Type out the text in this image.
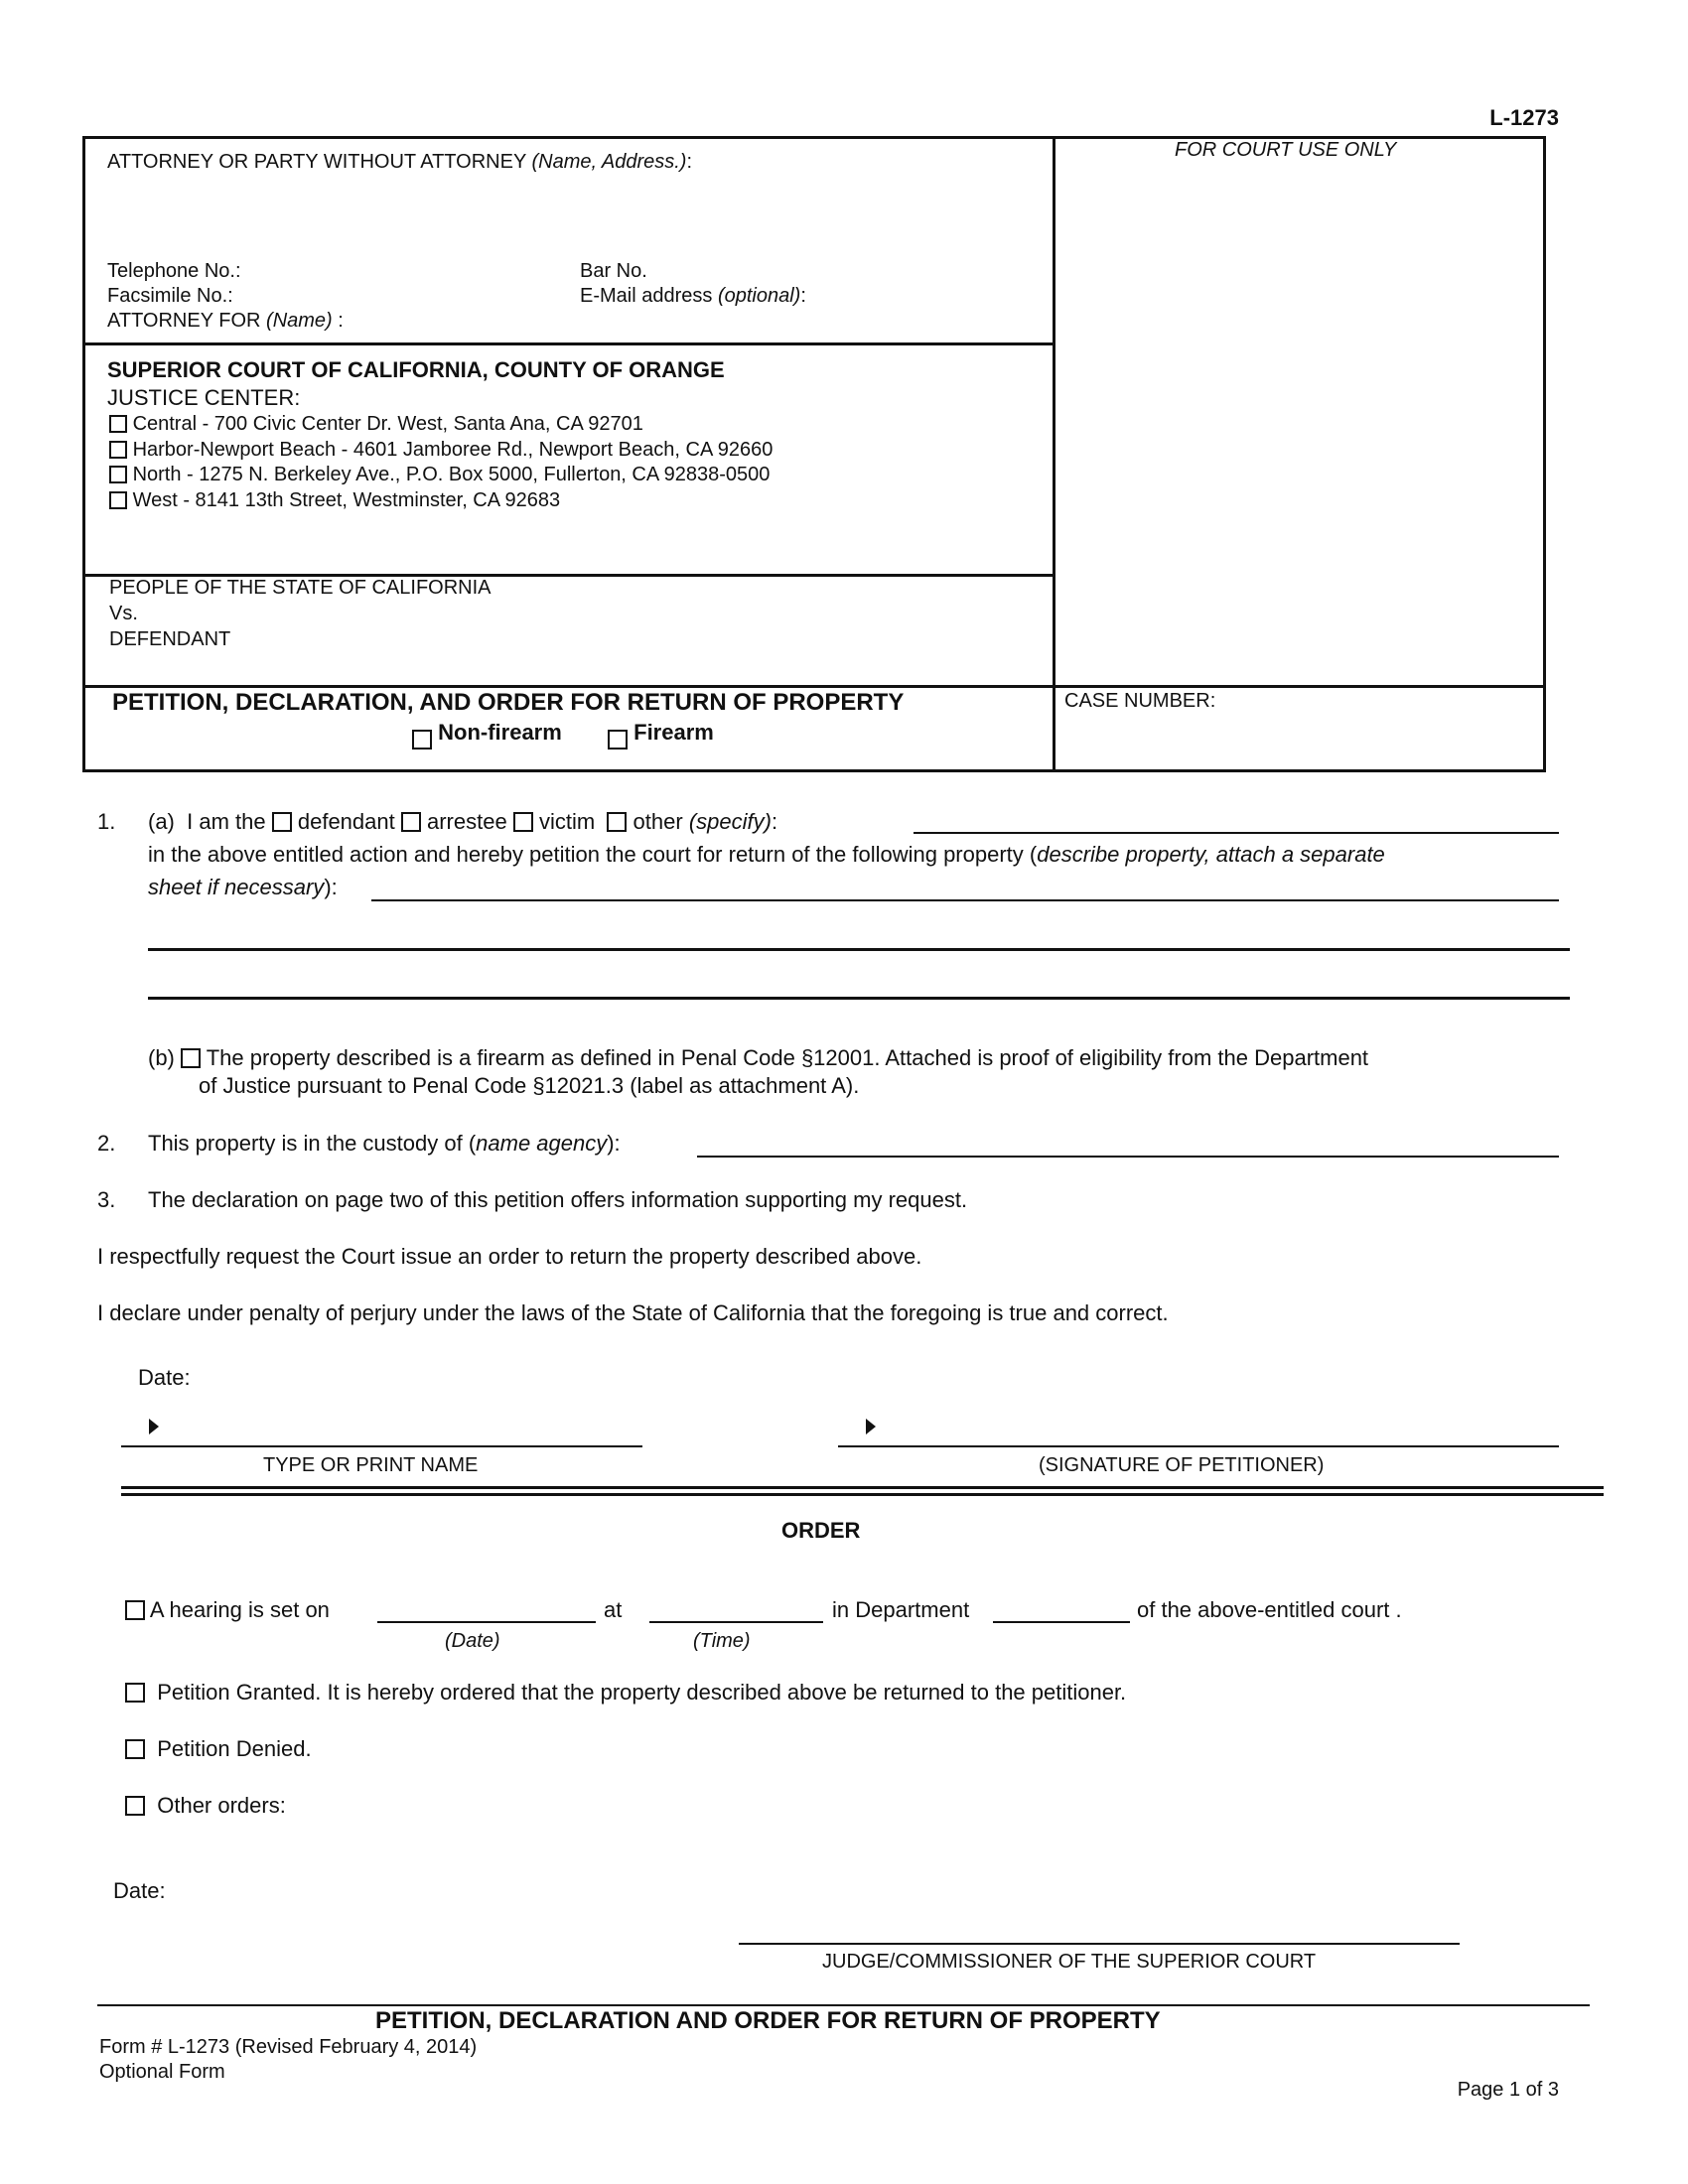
L-1273
ATTORNEY OR PARTY WITHOUT ATTORNEY (Name, Address.):
FOR COURT USE ONLY
Telephone No.:
Facsimile No.:
ATTORNEY FOR (Name) :
Bar No.
E-Mail address (optional):
SUPERIOR COURT OF CALIFORNIA, COUNTY OF ORANGE
JUSTICE CENTER:
Central - 700 Civic Center Dr. West, Santa Ana, CA 92701
Harbor-Newport Beach - 4601 Jamboree Rd., Newport Beach, CA 92660
North - 1275 N. Berkeley Ave., P.O. Box 5000, Fullerton, CA 92838-0500
West - 8141 13th Street, Westminster, CA 92683
PEOPLE OF THE STATE OF CALIFORNIA
Vs.
DEFENDANT
PETITION, DECLARATION, AND ORDER FOR RETURN OF PROPERTY
Non-firearm	Firearm
CASE NUMBER:
1. (a) I am the defendant arrestee victim other (specify):
in the above entitled action and hereby petition the court for return of the following property (describe property, attach a separate
sheet if necessary):
(b) The property described is a firearm as defined in Penal Code §12001. Attached is proof of eligibility from the Department
of Justice pursuant to Penal Code §12021.3 (label as attachment A).
2. This property is in the custody of (name agency):
3. The declaration on page two of this petition offers information supporting my request.
I respectfully request the Court issue an order to return the property described above.
I declare under penalty of perjury under the laws of the State of California that the foregoing is true and correct.
Date:
TYPE OR PRINT NAME	(SIGNATURE OF PETITIONER)
ORDER
A hearing is set on	at	in Department	of the above-entitled court .
(Date)	(Time)
Petition Granted. It is hereby ordered that the property described above be returned to the petitioner.
Petition Denied.
Other orders:
Date:
JUDGE/COMMISSIONER OF THE SUPERIOR COURT
PETITION, DECLARATION AND ORDER FOR RETURN OF PROPERTY
Form # L-1273 (Revised February 4, 2014)
Optional Form
Page 1 of 3
